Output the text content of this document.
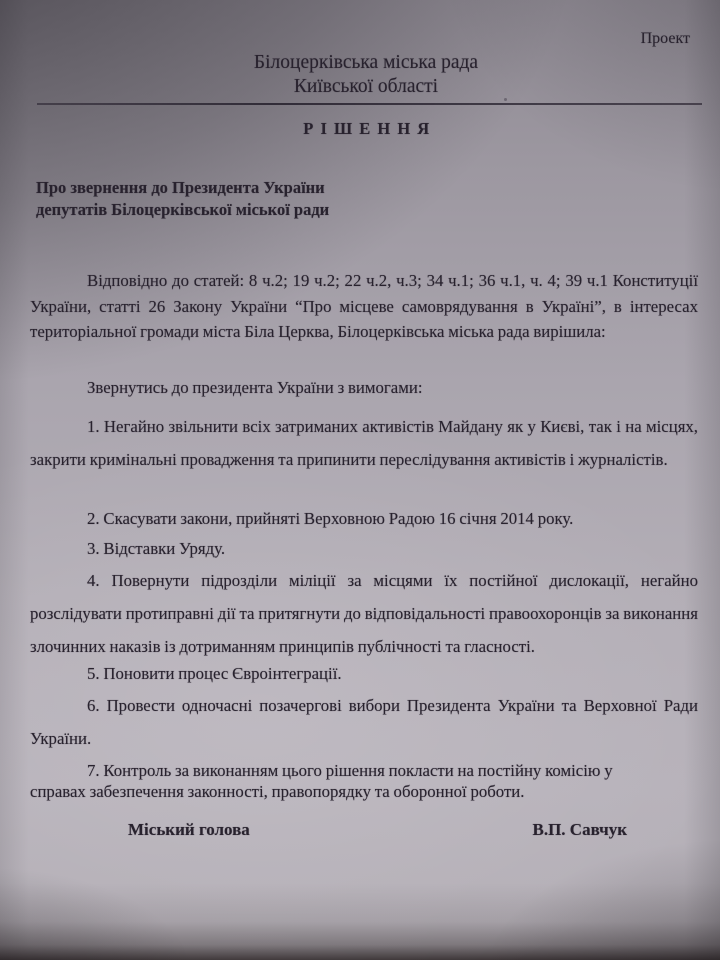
Проект
Білоцерківська міська рада
Київської області
Р І Ш Е Н Н Я
Про звернення до Президента України
депутатів Білоцерківської міської ради

Відповідно до статей: 8 ч.2; 19 ч.2; 22 ч.2, ч.3; 34 ч.1; 36 ч.1, ч. 4; 39 ч.1 Конституції України, статті 26 Закону України “Про місцеве самоврядування в Україні”, в інтересах територіальної громади міста Біла Церква, Білоцерківська міська рада вирішила:

Звернутись до президента України з вимогами:

1. Негайно звільнити всіх затриманих активістів Майдану як у Києві, так і на місцях, закрити кримінальні провадження та припинити переслідування активістів і журналістів.

2. Скасувати закони, прийняті Верховною Радою 16 січня 2014 року.

3. Відставки Уряду.

4. Повернути підрозділи міліції за місцями їх постійної дислокації, негайно розслідувати протиправні дії та притягнути до відповідальності правоохоронців за виконання злочинних наказів із дотриманням принципів публічності та гласності.

5. Поновити процес Євроінтеграції.

6. Провести одночасні позачергові вибори Президента України та Верховної Ради України.

7. Контроль за виконанням цього рішення покласти на постійну комісію у справах забезпечення законності, правопорядку та оборонної роботи.

Міський голова	В.П. Савчук
